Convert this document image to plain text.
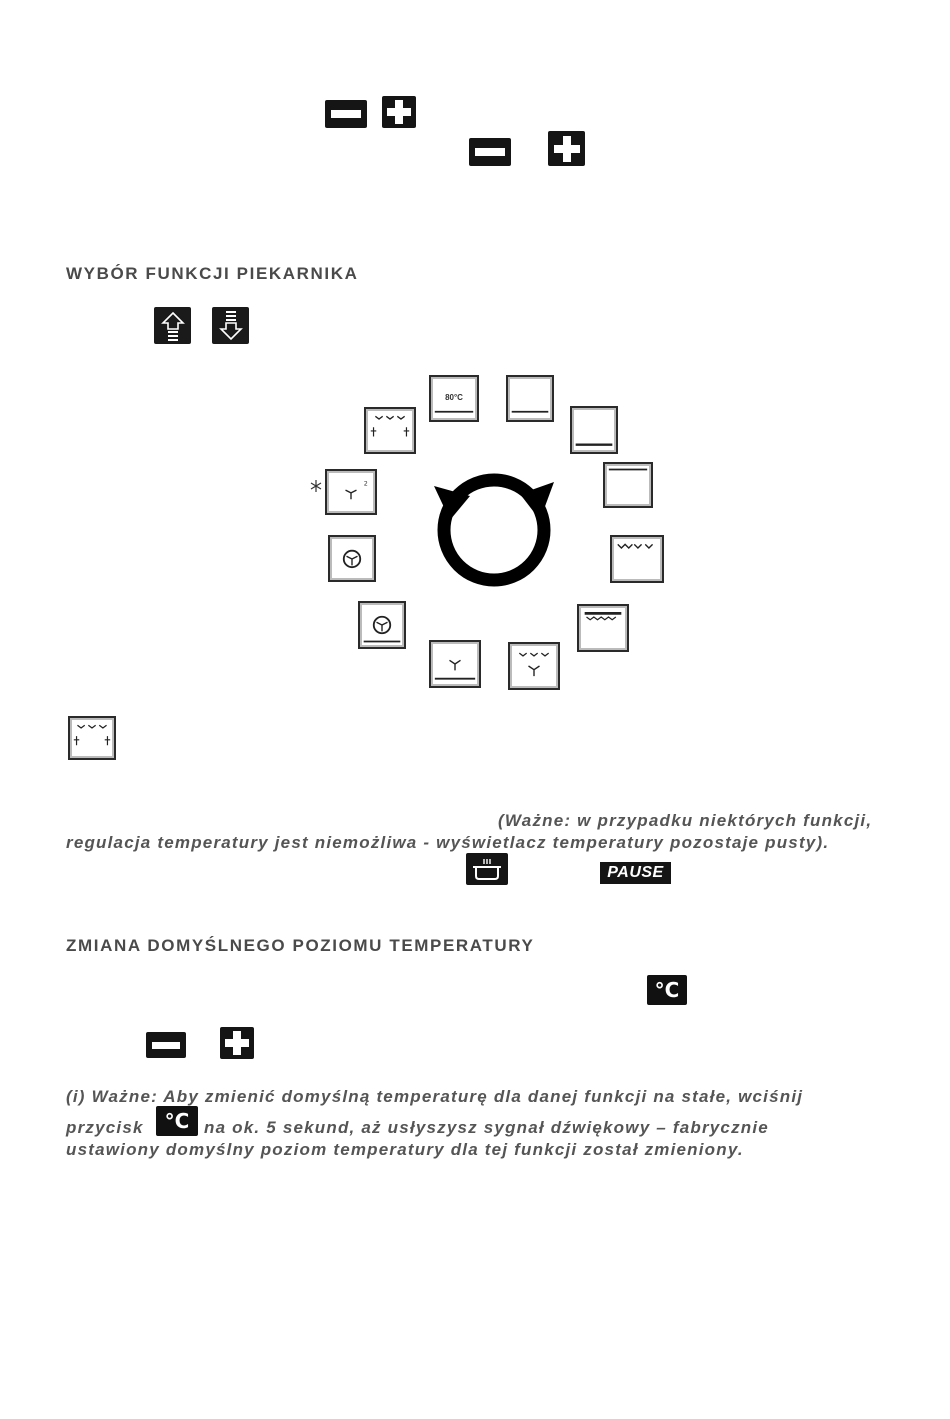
WYBÓR FUNKCJI PIEKARNIKA
80°C
2
(Ważne: w przypadku niektórych funkcji,
regulacja temperatury jest niemożliwa - wyświetlacz temperatury pozostaje pusty).
PAUSE
ZMIANA DOMYŚLNEGO POZIOMU TEMPERATURY
°C
(i) Ważne: Aby zmienić domyślną temperaturę dla danej funkcji na stałe, wciśnij
przycisk	°C na ok. 5 sekund, aż usłyszysz sygnał dźwiękowy – fabrycznie
ustawiony domyślny poziom temperatury dla tej funkcji został zmieniony.
